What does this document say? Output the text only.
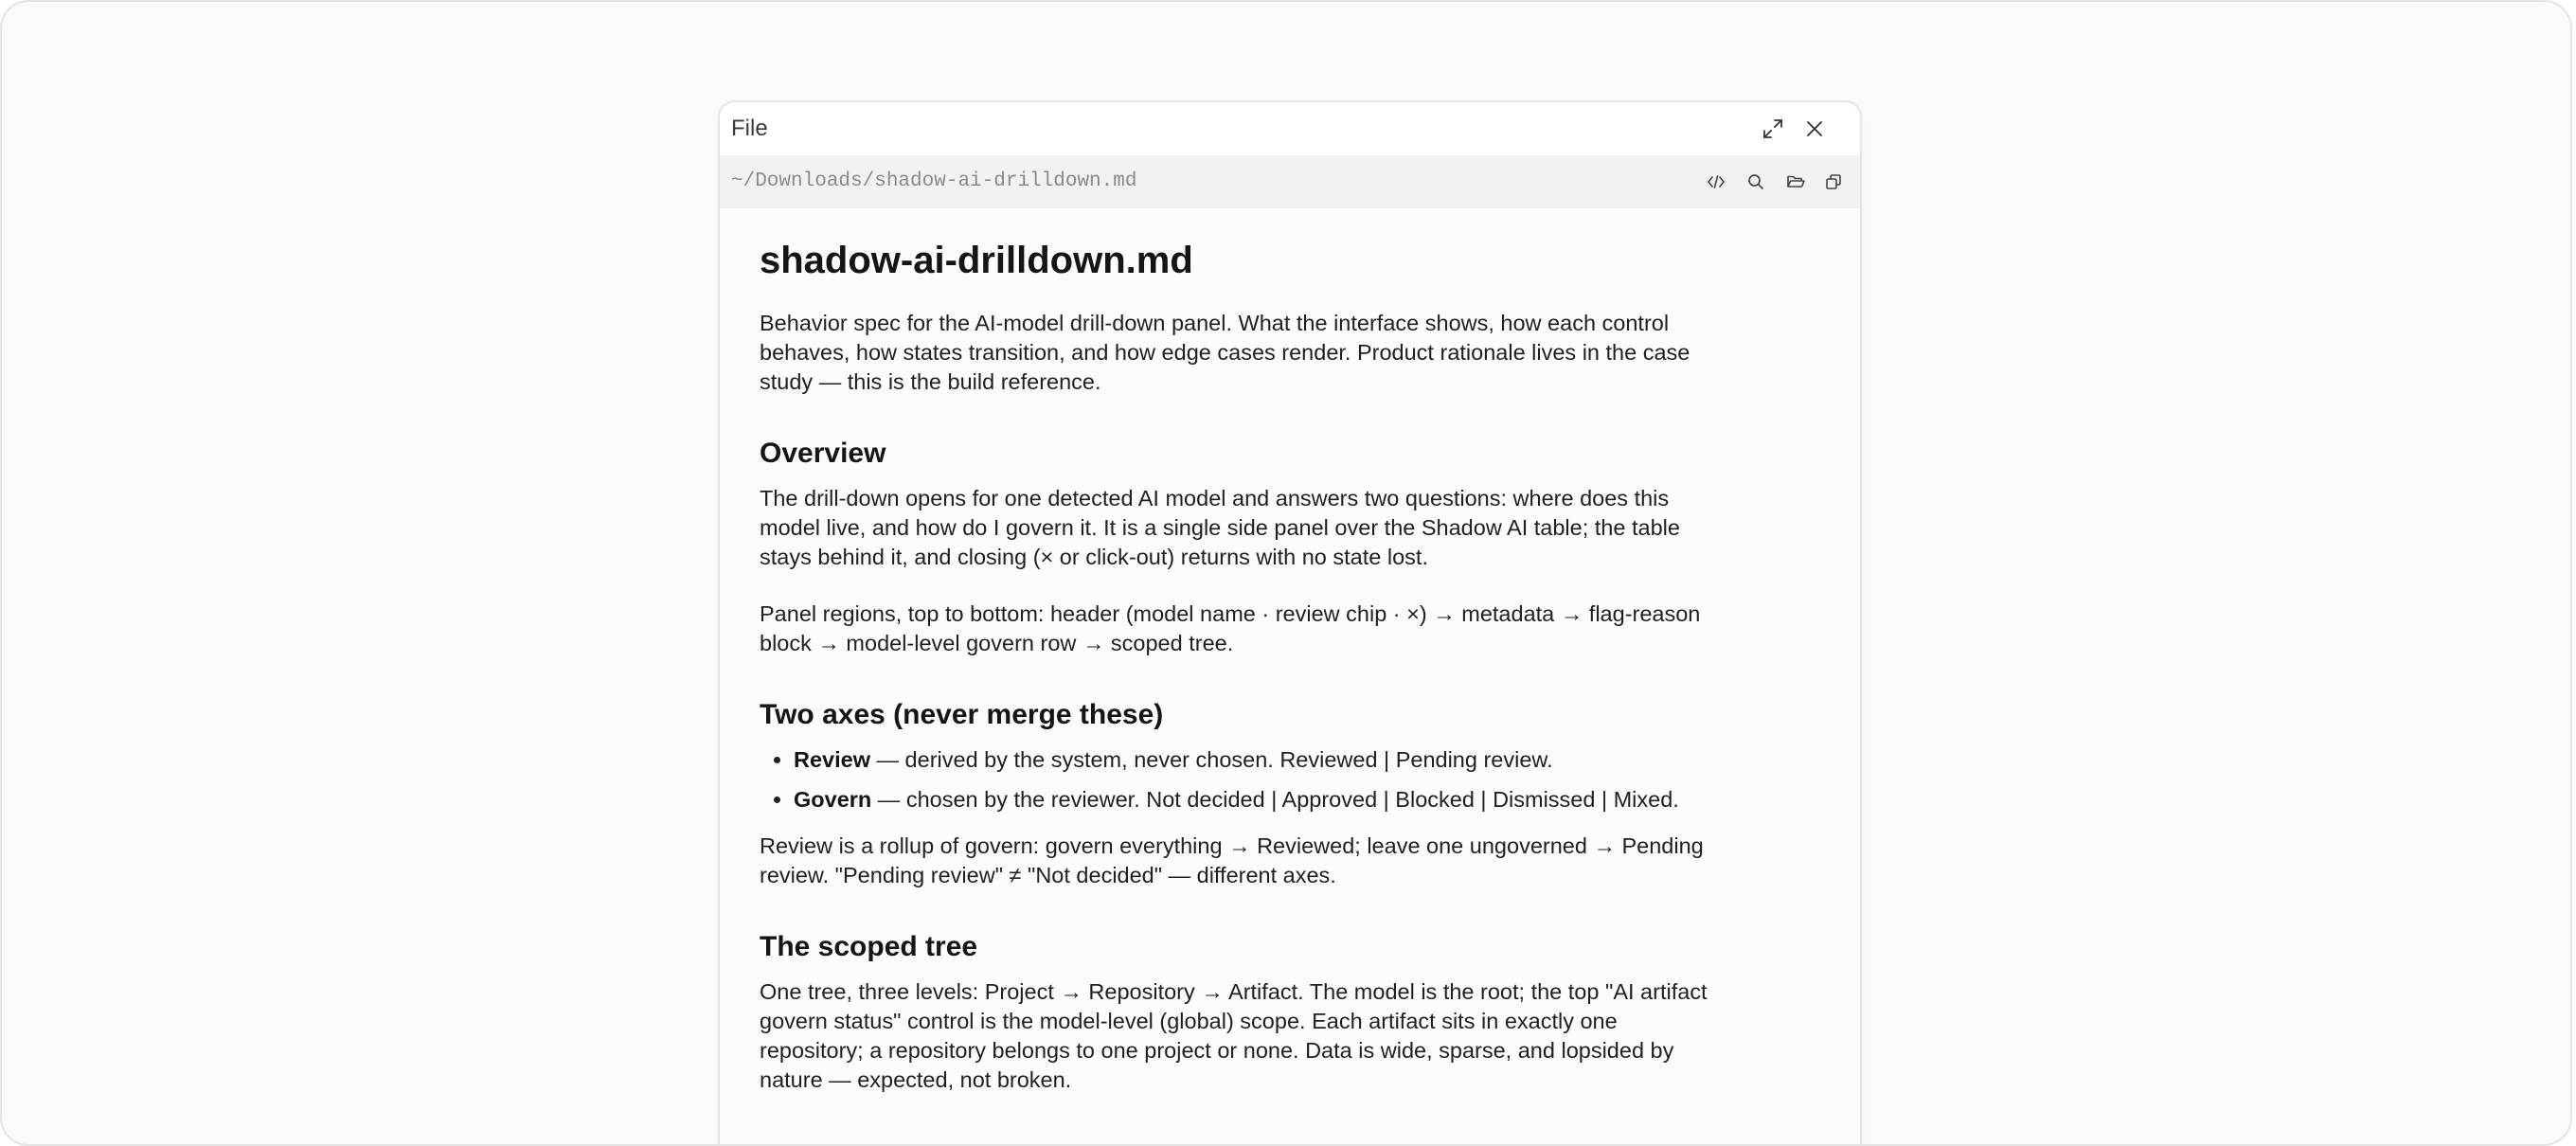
File
~/Downloads/shadow-ai-drilldown.md
shadow-ai-drilldown.md

Behavior spec for the AI-model drill-down panel. What the interface shows, how each control behaves, how states transition, and how edge cases render. Product rationale lives in the case study — this is the build reference.

Overview

The drill-down opens for one detected AI model and answers two questions: where does this model live, and how do I govern it. It is a single side panel over the Shadow AI table; the table stays behind it, and closing (× or click-out) returns with no state lost.

Panel regions, top to bottom: header (model name · review chip · ×) → metadata → flag-reason block → model-level govern row → scoped tree.

Two axes (never merge these)
• Review — derived by the system, never chosen. Reviewed | Pending review.
• Govern — chosen by the reviewer. Not decided | Approved | Blocked | Dismissed | Mixed.

Review is a rollup of govern: govern everything → Reviewed; leave one ungoverned → Pending review. "Pending review" ≠ "Not decided" — different axes.

The scoped tree

One tree, three levels: Project → Repository → Artifact. The model is the root; the top "AI artifact govern status" control is the model-level (global) scope. Each artifact sits in exactly one repository; a repository belongs to one project or none. Data is wide, sparse, and lopsided by nature — expected, not broken.
